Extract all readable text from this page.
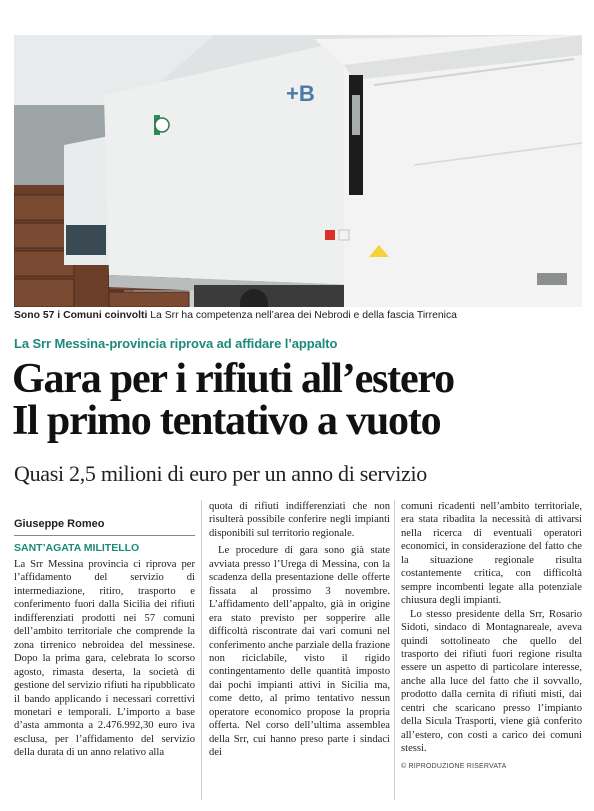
+B
Sono 57 i Comuni coinvolti La Srr ha competenza nell’area dei Nebrodi e della fascia Tirrenica
La Srr Messina-provincia riprova ad affidare l’appalto
Gara per i rifiuti all’estero
Il primo tentativo a vuoto
Quasi 2,5 milioni di euro per un anno di servizio
Giuseppe Romeo
SANT’AGATA MILITELLO

La Srr Messina provincia ci riprova per l’affidamento del servizio di intermediazione, ritiro, trasporto e conferimento fuori dalla Sicilia dei rifiuti indifferenziati prodotti nei 57 comuni dell’ambito territoriale che comprende la zona tirrenico nebroidea del messinese. Dopo la prima gara, celebrata lo scorso agosto, rimasta deserta, la società di gestione del servizio rifiuti ha ripubblicato il bando applicando i necessari correttivi monetari e temporali. L’importo a base d’asta ammonta a 2.476.992,30 euro iva esclusa, per l’affidamento del servizio della durata di un anno relativo alla

quota di rifiuti indifferenziati che non risulterà possibile conferire negli impianti disponibili sul territorio regionale.

Le procedure di gara sono già state avviata presso l’Urega di Messina, con la scadenza della presentazione delle offerte fissata al prossimo 3 novembre. L’affidamento dell’appalto, già in origine era stato previsto per sopperire alle difficoltà riscontrate dai vari comuni nel conferimento anche parziale della frazione non riciclabile, visto il rigido contingentamento delle quantità imposto dai pochi impianti attivi in Sicilia ma, come detto, al primo tentativo nessun operatore economico propose la propria offerta. Nel corso dell’ultima assemblea della Srr, cui hanno preso parte i sindaci dei

comuni ricadenti nell’ambito territoriale, era stata ribadita la necessità di attivarsi nella ricerca di eventuali operatori economici, in considerazione del fatto che la situazione regionale risulta costantemente critica, con difficoltà sempre incombenti legate alla potenziale chiusura degli impianti.

Lo stesso presidente della Srr, Rosario Sidoti, sindaco di Montagnareale, aveva quindi sottolineato che quello del trasporto dei rifiuti fuori regione risulta essere un aspetto di particolare interesse, anche alla luce del fatto che il sovvallo, prodotto dalla cernita di rifiuti misti, dai centri che scaricano presso l’impianto della Sicula Trasporti, viene già conferito all’estero, con costi a carico dei comuni stessi.

© RIPRODUZIONE RISERVATA
